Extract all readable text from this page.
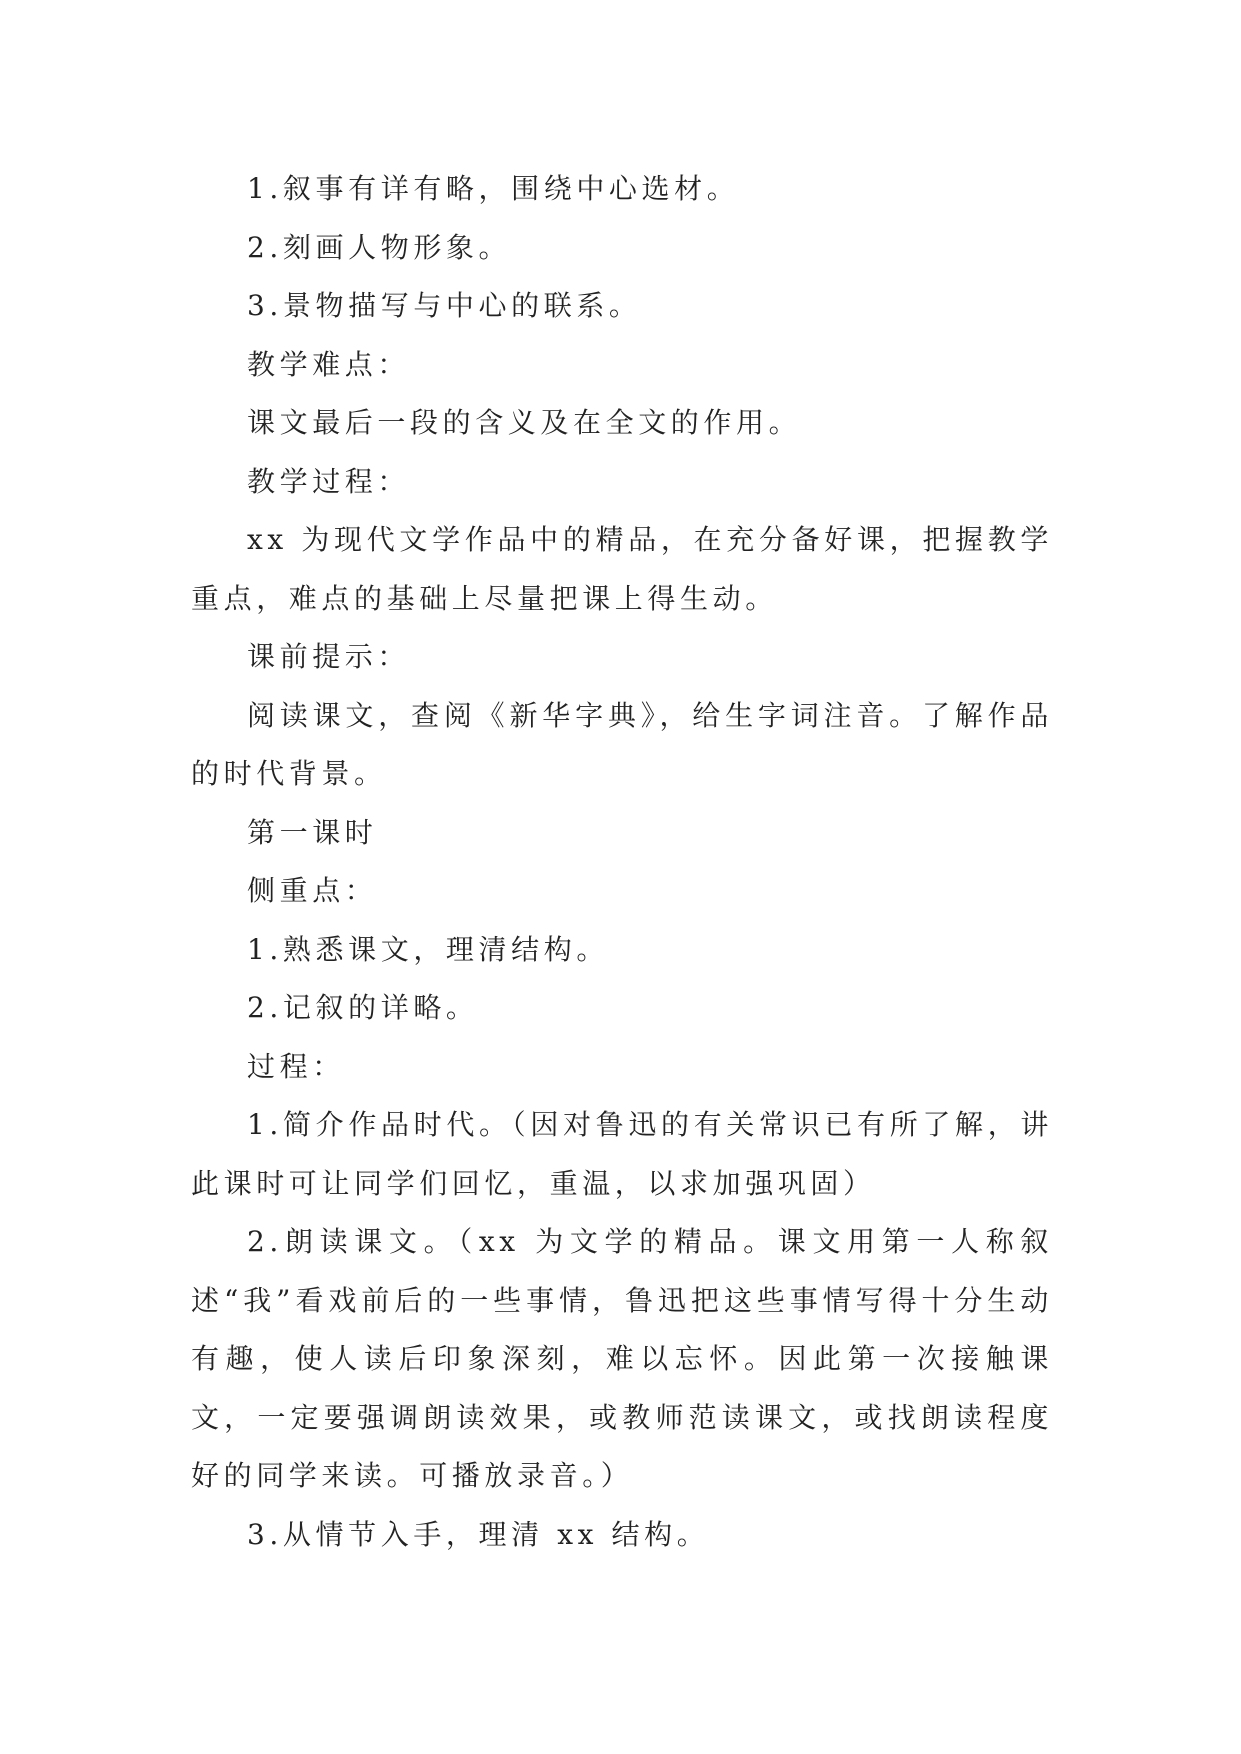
1.叙事有详有略，围绕中心选材。

2.刻画人物形象。

3.景物描写与中心的联系。

教学难点：

课文最后一段的含义及在全文的作用。

教学过程：

xx 为现代文学作品中的精品，在充分备好课，把握教学重点，难点的基础上尽量把课上得生动。

课前提示：

阅读课文，查阅《新华字典》，给生字词注音。了解作品的时代背景。

第一课时

侧重点：

1.熟悉课文，理清结构。

2.记叙的详略。

过程：

1.简介作品时代。（因对鲁迅的有关常识已有所了解，讲此课时可让同学们回忆，重温，以求加强巩固）

2.朗读课文。（xx 为文学的精品。课文用第一人称叙述“我”看戏前后的一些事情，鲁迅把这些事情写得十分生动有趣，使人读后印象深刻，难以忘怀。因此第一次接触课文，一定要强调朗读效果，或教师范读课文，或找朗读程度好的同学来读。可播放录音。）

3.从情节入手，理清 xx 结构。
